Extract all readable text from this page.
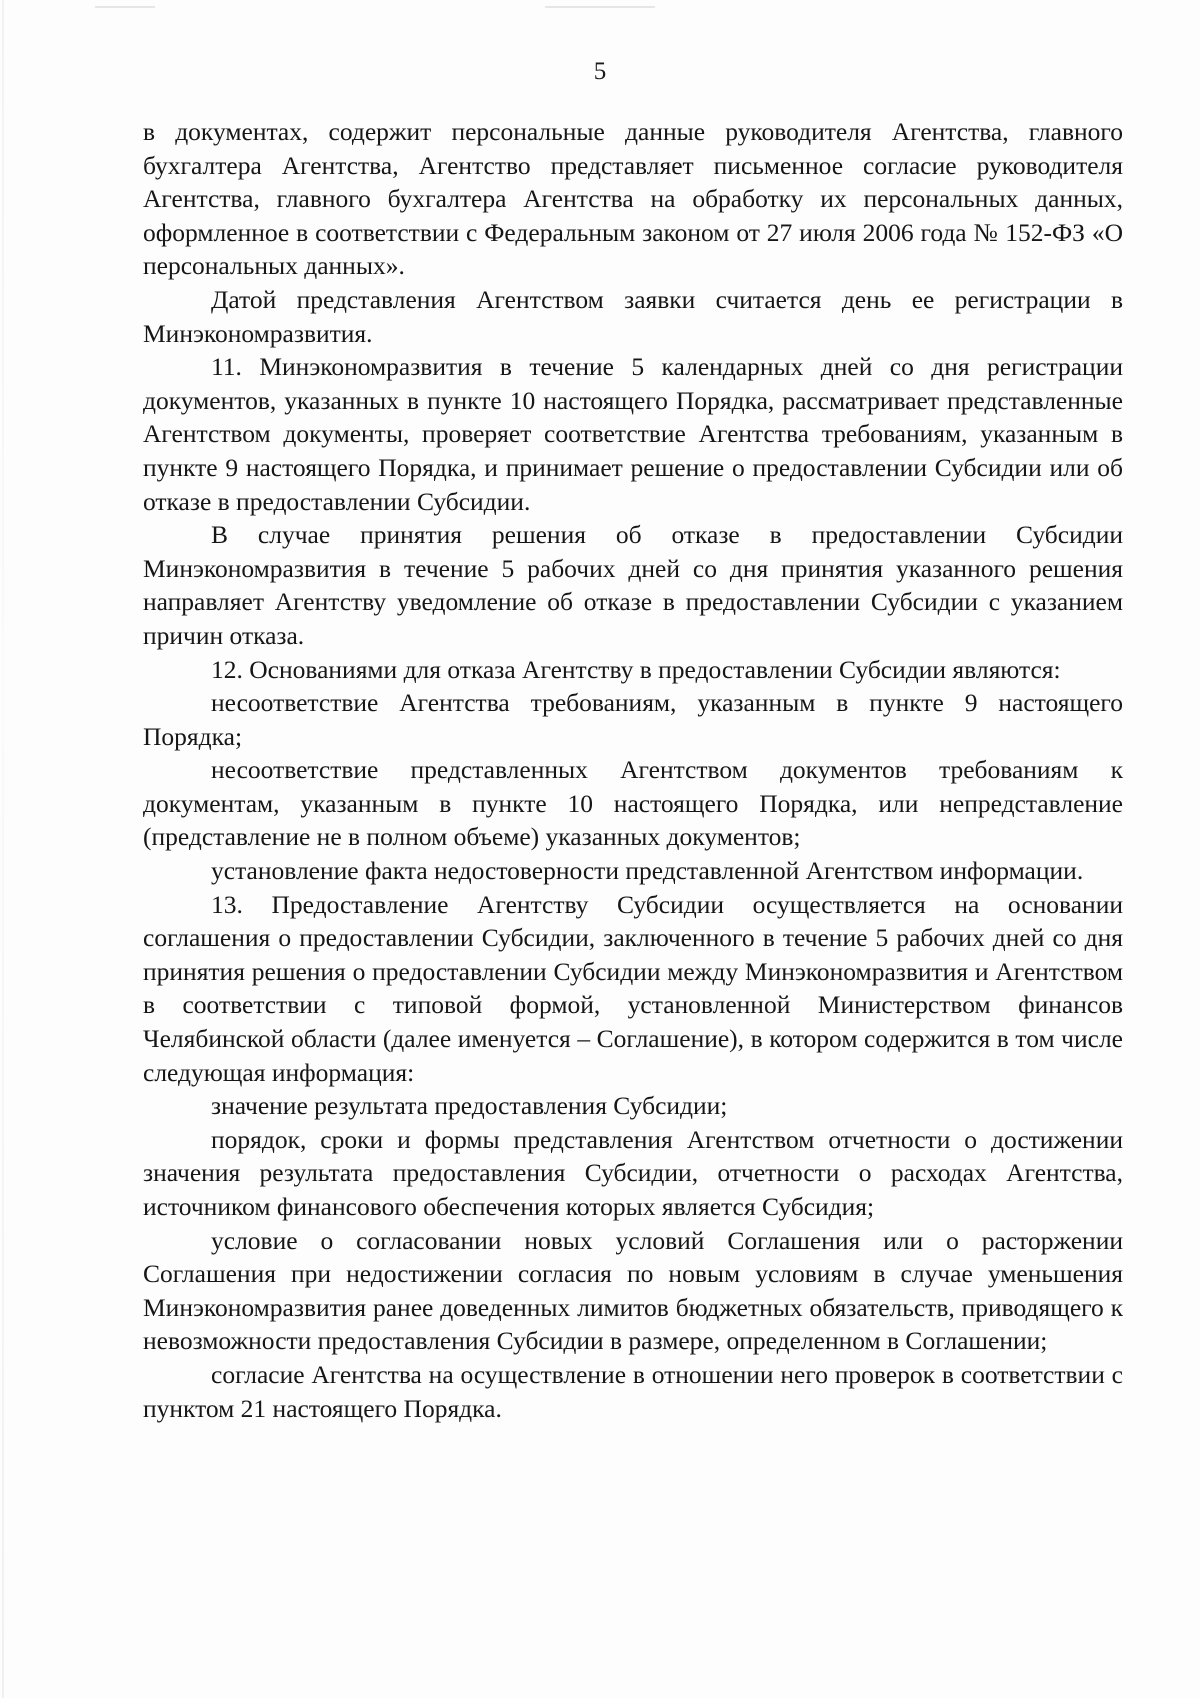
5

в документах, содержит персональные данные руководителя Агентства, главного бухгалтера Агентства, Агентство представляет письменное согласие руководителя Агентства, главного бухгалтера Агентства на обработку их персональных данных, оформленное в соответствии с Федеральным законом от 27 июля 2006 года № 152-ФЗ «О персональных данных».

Датой представления Агентством заявки считается день ее регистрации в Минэкономразвития.

11. Минэкономразвития в течение 5 календарных дней со дня регистрации документов, указанных в пункте 10 настоящего Порядка, рассматривает представленные Агентством документы, проверяет соответствие Агентства требованиям, указанным в пункте 9 настоящего Порядка, и принимает решение о предоставлении Субсидии или об отказе в предоставлении Субсидии.

В случае принятия решения об отказе в предоставлении Субсидии Минэкономразвития в течение 5 рабочих дней со дня принятия указанного решения направляет Агентству уведомление об отказе в предоставлении Субсидии с указанием причин отказа.

12. Основаниями для отказа Агентству в предоставлении Субсидии являются:

несоответствие Агентства требованиям, указанным в пункте 9 настоящего Порядка;

несоответствие представленных Агентством документов требованиям к документам, указанным в пункте 10 настоящего Порядка, или непредставление (представление не в полном объеме) указанных документов;

установление факта недостоверности представленной Агентством информации.

13. Предоставление Агентству Субсидии осуществляется на основании соглашения о предоставлении Субсидии, заключенного в течение 5 рабочих дней со дня принятия решения о предоставлении Субсидии между Минэкономразвития и Агентством в соответствии с типовой формой, установленной Министерством финансов Челябинской области (далее именуется – Соглашение), в котором содержится в том числе следующая информация:

значение результата предоставления Субсидии;

порядок, сроки и формы представления Агентством отчетности о достижении значения результата предоставления Субсидии, отчетности о расходах Агентства, источником финансового обеспечения которых является Субсидия;

условие о согласовании новых условий Соглашения или о расторжении Соглашения при недостижении согласия по новым условиям в случае уменьшения Минэкономразвития ранее доведенных лимитов бюджетных обязательств, приводящего к невозможности предоставления Субсидии в размере, определенном в Соглашении;

согласие Агентства на осуществление в отношении него проверок в соответствии с пунктом 21 настоящего Порядка.
